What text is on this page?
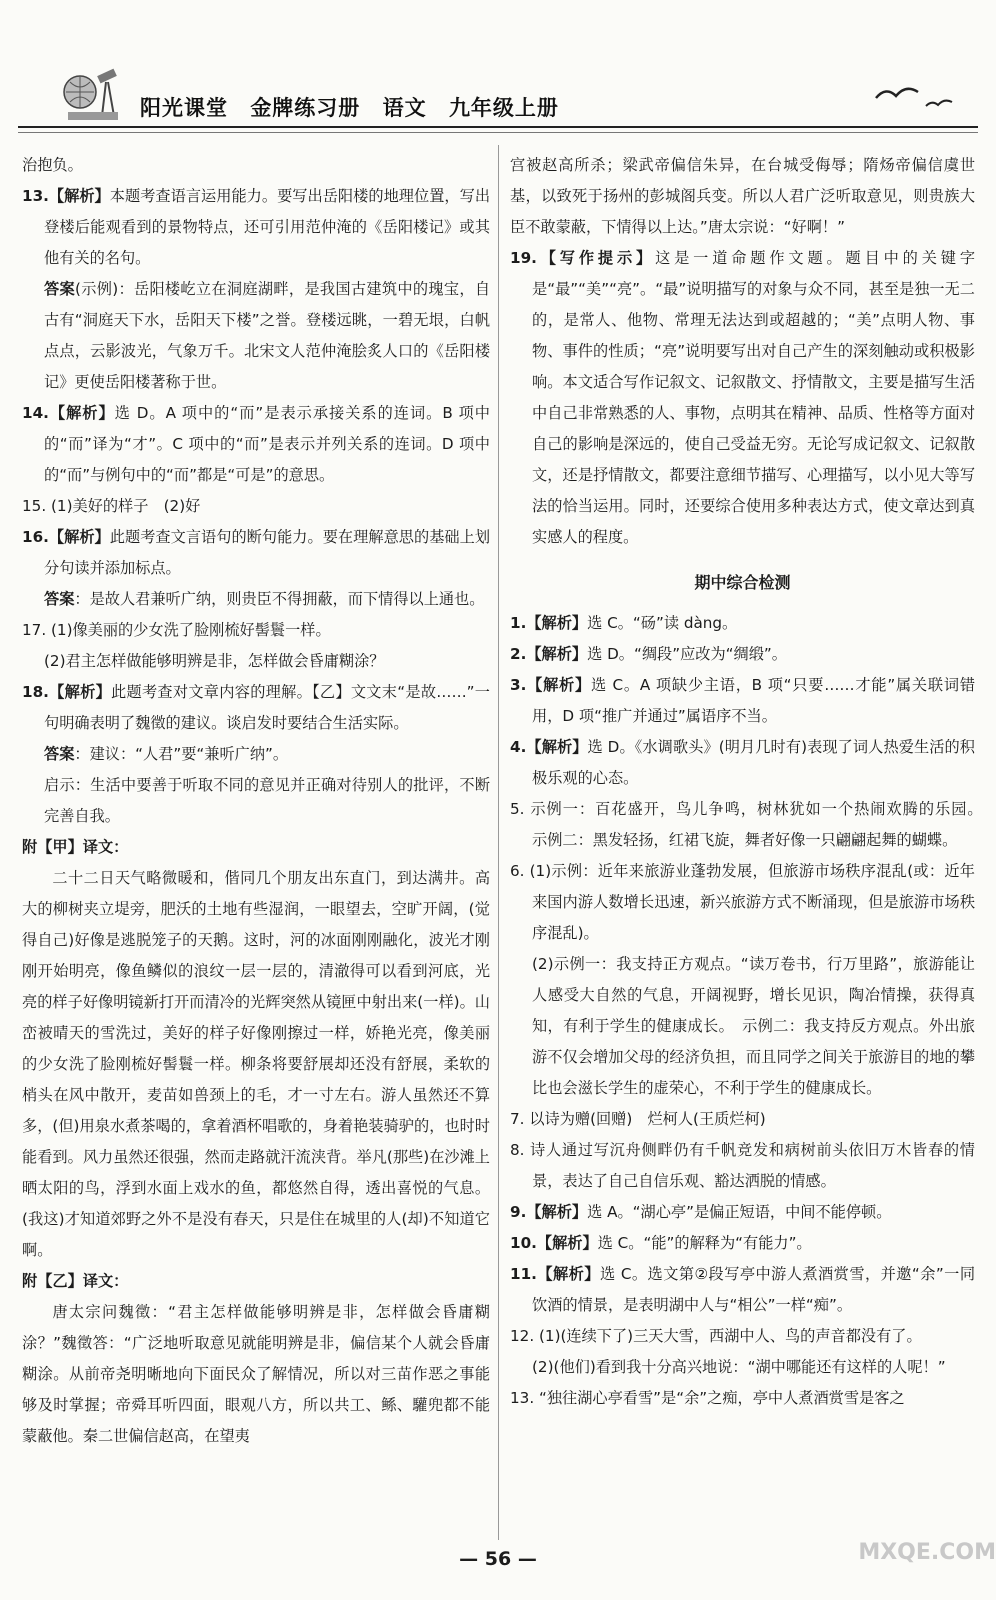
阳光课堂 金牌练习册 语文 九年级上册

治抱负。

13.【解析】本题考查语言运用能力。要写出岳阳楼的地理位置，写出登楼后能观看到的景物特点，还可引用范仲淹的《岳阳楼记》或其他有关的名句。

答案(示例)：岳阳楼屹立在洞庭湖畔，是我国古建筑中的瑰宝，自古有“洞庭天下水，岳阳天下楼”之誉。登楼远眺，一碧无垠，白帆点点，云影波光，气象万千。北宋文人范仲淹脍炙人口的《岳阳楼记》更使岳阳楼著称于世。

14.【解析】选 D。A 项中的“而”是表示承接关系的连词。B 项中的“而”译为“才”。C 项中的“而”是表示并列关系的连词。D 项中的“而”与例句中的“而”都是“可是”的意思。

15. (1)美好的样子　(2)好

16.【解析】此题考查文言语句的断句能力。要在理解意思的基础上划分句读并添加标点。

答案：是故人君兼听广纳，则贵臣不得拥蔽，而下情得以上通也。

17. (1)像美丽的少女洗了脸刚梳好髻鬟一样。

(2)君主怎样做能够明辨是非，怎样做会昏庸糊涂？

18.【解析】此题考查对文章内容的理解。【乙】文文末“是故……”一句明确表明了魏徵的建议。谈启发时要结合生活实际。

答案：建议：“人君”要“兼听广纳”。

启示：生活中要善于听取不同的意见并正确对待别人的批评，不断完善自我。

附【甲】译文：

二十二日天气略微暖和，偕同几个朋友出东直门，到达满井。高大的柳树夹立堤旁，肥沃的土地有些湿润，一眼望去，空旷开阔，(觉得自己)好像是逃脱笼子的天鹅。这时，河的冰面刚刚融化，波光才刚刚开始明亮，像鱼鳞似的浪纹一层一层的，清澈得可以看到河底，光亮的样子好像明镜新打开而清冷的光辉突然从镜匣中射出来(一样)。山峦被晴天的雪洗过，美好的样子好像刚擦过一样，娇艳光亮，像美丽的少女洗了脸刚梳好髻鬟一样。柳条将要舒展却还没有舒展，柔软的梢头在风中散开，麦苗如兽颈上的毛，才一寸左右。游人虽然还不算多，(但)用泉水煮茶喝的，拿着酒杯唱歌的，身着艳装骑驴的，也时时能看到。风力虽然还很强，然而走路就汗流浃背。举凡(那些)在沙滩上晒太阳的鸟，浮到水面上戏水的鱼，都悠然自得，透出喜悦的气息。(我这)才知道郊野之外不是没有春天，只是住在城里的人(却)不知道它啊。

附【乙】译文：

唐太宗问魏徵：“君主怎样做能够明辨是非，怎样做会昏庸糊涂？”魏徵答：“广泛地听取意见就能明辨是非，偏信某个人就会昏庸糊涂。从前帝尧明晰地向下面民众了解情况，所以对三苗作恶之事能够及时掌握；帝舜耳听四面，眼观八方，所以共工、鲧、驩兜都不能蒙蔽他。秦二世偏信赵高，在望夷

宫被赵高所杀；梁武帝偏信朱异，在台城受侮辱；隋炀帝偏信虞世基，以致死于扬州的彭城阁兵变。所以人君广泛听取意见，则贵族大臣不敢蒙蔽，下情得以上达。”唐太宗说：“好啊！”

19.【写作提示】这是一道命题作文题。题目中的关键字是“最”“美”“亮”。“最”说明描写的对象与众不同，甚至是独一无二的，是常人、他物、常理无法达到或超越的；“美”点明人物、事物、事件的性质；“亮”说明要写出对自己产生的深刻触动或积极影响。本文适合写作记叙文、记叙散文、抒情散文，主要是描写生活中自己非常熟悉的人、事物，点明其在精神、品质、性格等方面对自己的影响是深远的，使自己受益无穷。无论写成记叙文、记叙散文，还是抒情散文，都要注意细节描写、心理描写，以小见大等写法的恰当运用。同时，还要综合使用多种表达方式，使文章达到真实感人的程度。

期中综合检测

1.【解析】选 C。“砀”读 dàng。

2.【解析】选 D。“绸段”应改为“绸缎”。

3.【解析】选 C。A 项缺少主语，B 项“只要……才能”属关联词错用，D 项“推广并通过”属语序不当。

4.【解析】选 D。《水调歌头》(明月几时有)表现了词人热爱生活的积极乐观的心态。

5. 示例一：百花盛开，鸟儿争鸣，树林犹如一个热闹欢腾的乐园。　示例二：黑发轻扬，红裙飞旋，舞者好像一只翩翩起舞的蝴蝶。

6. (1)示例：近年来旅游业蓬勃发展，但旅游市场秩序混乱(或：近年来国内游人数增长迅速，新兴旅游方式不断涌现，但是旅游市场秩序混乱)。

(2)示例一：我支持正方观点。“读万卷书，行万里路”，旅游能让人感受大自然的气息，开阔视野，增长见识，陶冶情操，获得真知，有利于学生的健康成长。　示例二：我支持反方观点。外出旅游不仅会增加父母的经济负担，而且同学之间关于旅游目的地的攀比也会滋长学生的虚荣心，不利于学生的健康成长。

7. 以诗为赠(回赠)　烂柯人(王质烂柯)

8. 诗人通过写沉舟侧畔仍有千帆竞发和病树前头依旧万木皆春的情景，表达了自己自信乐观、豁达洒脱的情感。

9.【解析】选 A。“湖心亭”是偏正短语，中间不能停顿。

10.【解析】选 C。“能”的解释为“有能力”。

11.【解析】选 C。选文第②段写亭中游人煮酒赏雪，并邀“余”一同饮酒的情景，是表明湖中人与“相公”一样“痴”。

12. (1)(连续下了)三天大雪，西湖中人、鸟的声音都没有了。

(2)(他们)看到我十分高兴地说：“湖中哪能还有这样的人呢！”

13. “独往湖心亭看雪”是“余”之痴，亭中人煮酒赏雪是客之

— 56 —	MXQE.COM
